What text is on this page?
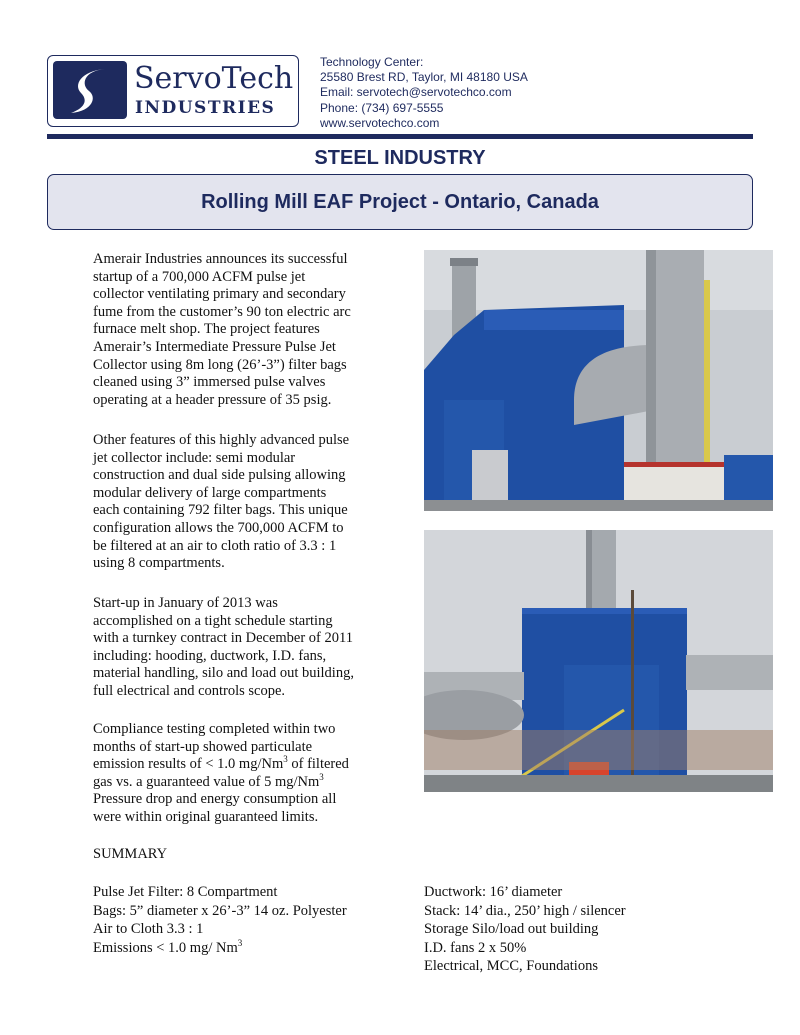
ServoTech
INDUSTRIES
Technology Center:
25580 Brest RD, Taylor, MI 48180 USA
Email: servotech@servotechco.com
Phone: (734) 697-5555
www.servotechco.com
STEEL INDUSTRY
Rolling Mill EAF Project - Ontario, Canada

Amerair Industries announces its successful
startup of a 700,000 ACFM pulse jet
collector ventilating primary and secondary
fume from the customer’s 90 ton electric arc
furnace melt shop. The project features
Amerair’s Intermediate Pressure Pulse Jet
Collector using 8m long (26’-3”) filter bags
cleaned using 3” immersed pulse valves
operating at a header pressure of 35 psig.

Other features of this highly advanced pulse
jet collector include: semi modular
construction and dual side pulsing allowing
modular delivery of large compartments
each containing 792 filter bags. This unique
configuration allows the 700,000 ACFM to
be filtered at an air to cloth ratio of 3.3 : 1
using 8 compartments.

Start-up in January of 2013 was
accomplished on a tight schedule starting
with a turnkey contract in December of 2011
including: hooding, ductwork, I.D. fans,
material handling, silo and load out building,
full electrical and controls scope.

Compliance testing completed within two
months of start-up showed particulate
emission results of < 1.0 mg/Nm$^3$ of filtered
gas vs. a guaranteed value of 5 mg/Nm$^3$
Pressure drop and energy consumption all
were within original guaranteed limits.

SUMMARY
Pulse Jet Filter: 8 Compartment
Bags: 5” diameter x 26’-3” 14 oz. Polyester
Air to Cloth 3.3 : 1
Emissions < 1.0 mg/ Nm$^3$
Ductwork: 16’ diameter
Stack: 14’ dia., 250’ high / silencer
Storage Silo/load out building
I.D. fans 2 x 50%
Electrical, MCC, Foundations
